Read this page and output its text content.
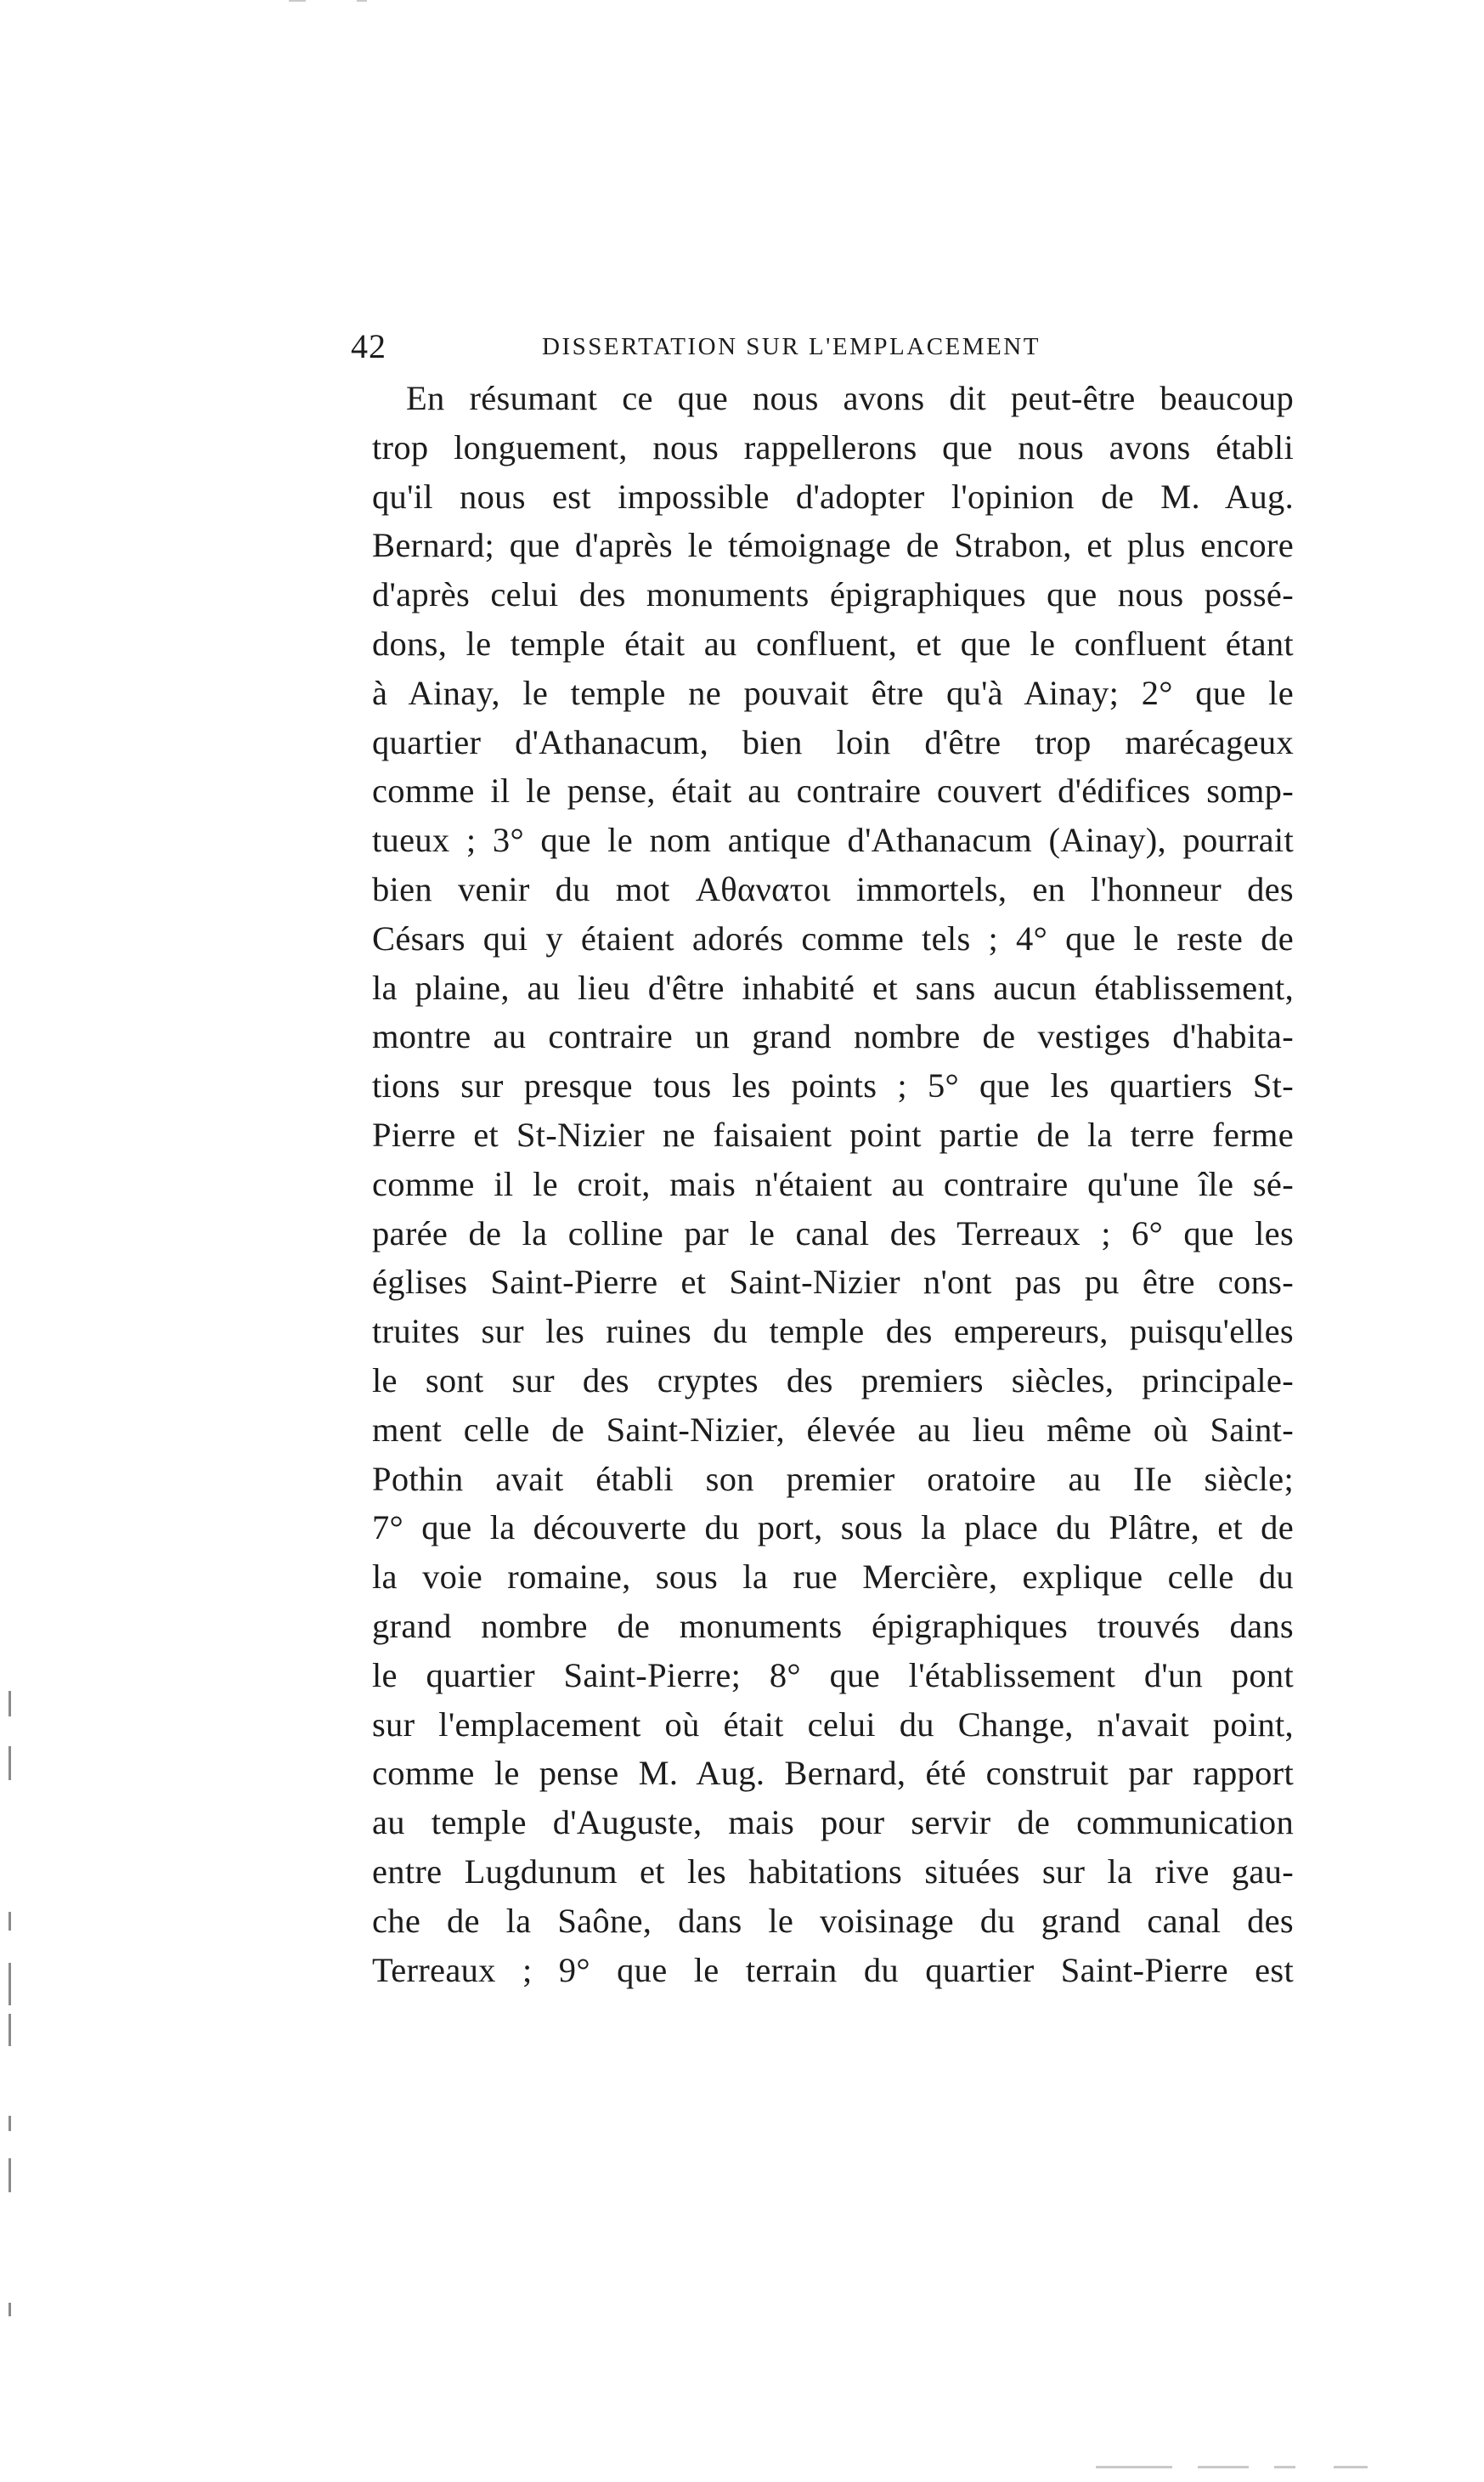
42	DISSERTATION SUR L'EMPLACEMENT
En résumant ce que nous avons dit peut-être beaucoup
trop longuement, nous rappellerons que nous avons établi
qu'il nous est impossible d'adopter l'opinion de M. Aug.
Bernard; que d'après le témoignage de Strabon, et plus encore
d'après celui des monuments épigraphiques que nous possé-
dons, le temple était au confluent, et que le confluent étant
à Ainay, le temple ne pouvait être qu'à Ainay; 2° que le
quartier d'Athanacum, bien loin d'être trop marécageux
comme il le pense, était au contraire couvert d'édifices somp-
tueux ; 3° que le nom antique d'Athanacum (Ainay), pourrait
bien venir du mot Αθανατοι immortels, en l'honneur des
Césars qui y étaient adorés comme tels ; 4° que le reste de
la plaine, au lieu d'être inhabité et sans aucun établissement,
montre au contraire un grand nombre de vestiges d'habita-
tions sur presque tous les points ; 5° que les quartiers St-
Pierre et St-Nizier ne faisaient point partie de la terre ferme
comme il le croit, mais n'étaient au contraire qu'une île sé-
parée de la colline par le canal des Terreaux ; 6° que les
églises Saint-Pierre et Saint-Nizier n'ont pas pu être cons-
truites sur les ruines du temple des empereurs, puisqu'elles
le sont sur des cryptes des premiers siècles, principale-
ment celle de Saint-Nizier, élevée au lieu même où Saint-
Pothin avait établi son premier oratoire au IIe siècle;
7° que la découverte du port, sous la place du Plâtre, et de
la voie romaine, sous la rue Mercière, explique celle du
grand nombre de monuments épigraphiques trouvés dans
le quartier Saint-Pierre; 8° que l'établissement d'un pont
sur l'emplacement où était celui du Change, n'avait point,
comme le pense M. Aug. Bernard, été construit par rapport
au temple d'Auguste, mais pour servir de communication
entre Lugdunum et les habitations situées sur la rive gau-
che de la Saône, dans le voisinage du grand canal des
Terreaux ; 9° que le terrain du quartier Saint-Pierre est
